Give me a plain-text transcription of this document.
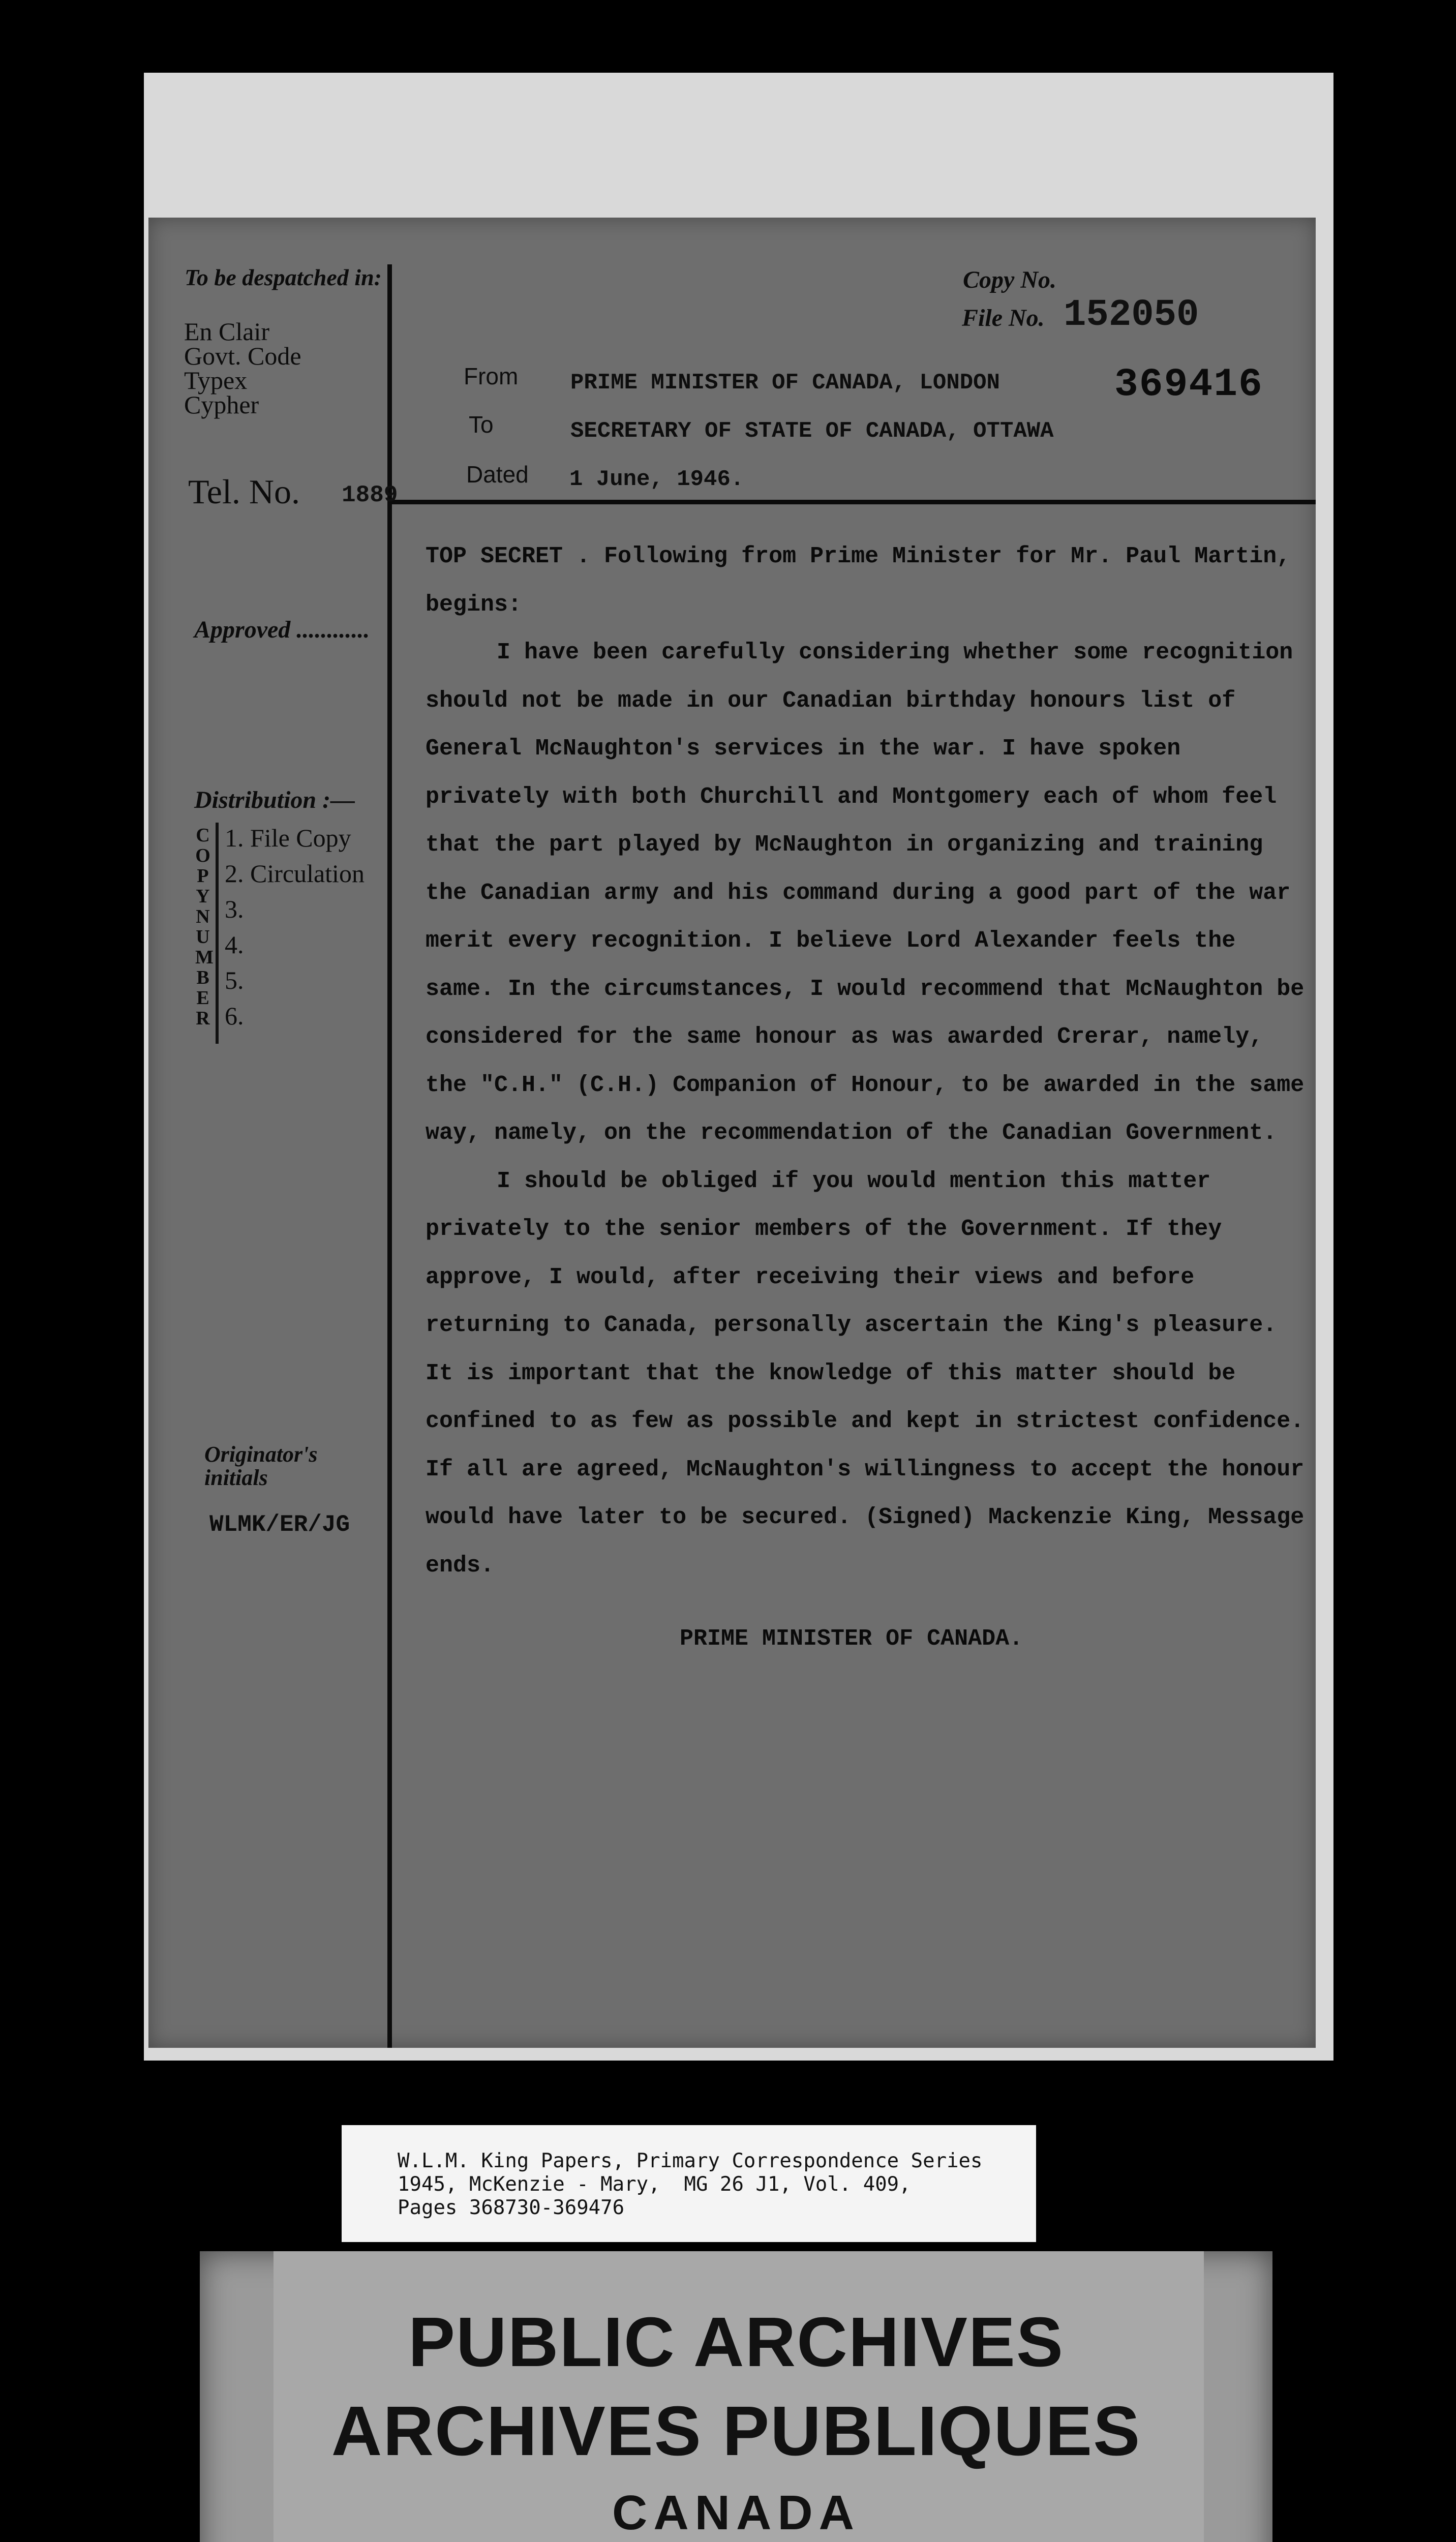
To be despatched in:
En Clair
Govt. Code
Typex
Cypher
Tel. No. 1889
Approved ............
Distribution :—
C
O
P
Y
N
U
M
B
E
R
1. File Copy
2. Circulation
3.
4.
5.
6.
Originator's initials
WLMK/ER/JG
Copy No.
File No. 152050
369416
From PRIME MINISTER OF CANADA, LONDON
To	SECRETARY OF STATE OF CANADA, OTTAWA
Dated 1 June, 1946.

TOP SECRET . Following from Prime Minister for Mr. Paul Martin, begins:

I have been carefully considering whether some recognition should not be made in our Canadian birthday honours list of General McNaughton's services in the war. I have spoken privately with both Churchill and Montgomery each of whom feel that the part played by McNaughton in organizing and training the Canadian army and his command during a good part of the war merit every recognition. I believe Lord Alexander feels the same. In the circumstances, I would recommend that McNaughton be considered for the same honour as was awarded Crerar, namely, the "C.H." (C.H.) Companion of Honour, to be awarded in the same way, namely, on the recommendation of the Canadian Government.

I should be obliged if you would mention this matter privately to the senior members of the Government. If they approve, I would, after receiving their views and before returning to Canada, personally ascertain the King's pleasure. It is important that the knowledge of this matter should be confined to as few as possible and kept in strictest confidence. If all are agreed, McNaughton's willingness to accept the honour would have later to be secured. (Signed) Mackenzie King, Message ends.

PRIME MINISTER OF CANADA.
W.L.M. King Papers, Primary Correspondence Series
1945, McKenzie - Mary,  MG 26 J1, Vol. 409,
Pages 368730-369476
PUBLIC ARCHIVES
ARCHIVES PUBLIQUES
CANADA
